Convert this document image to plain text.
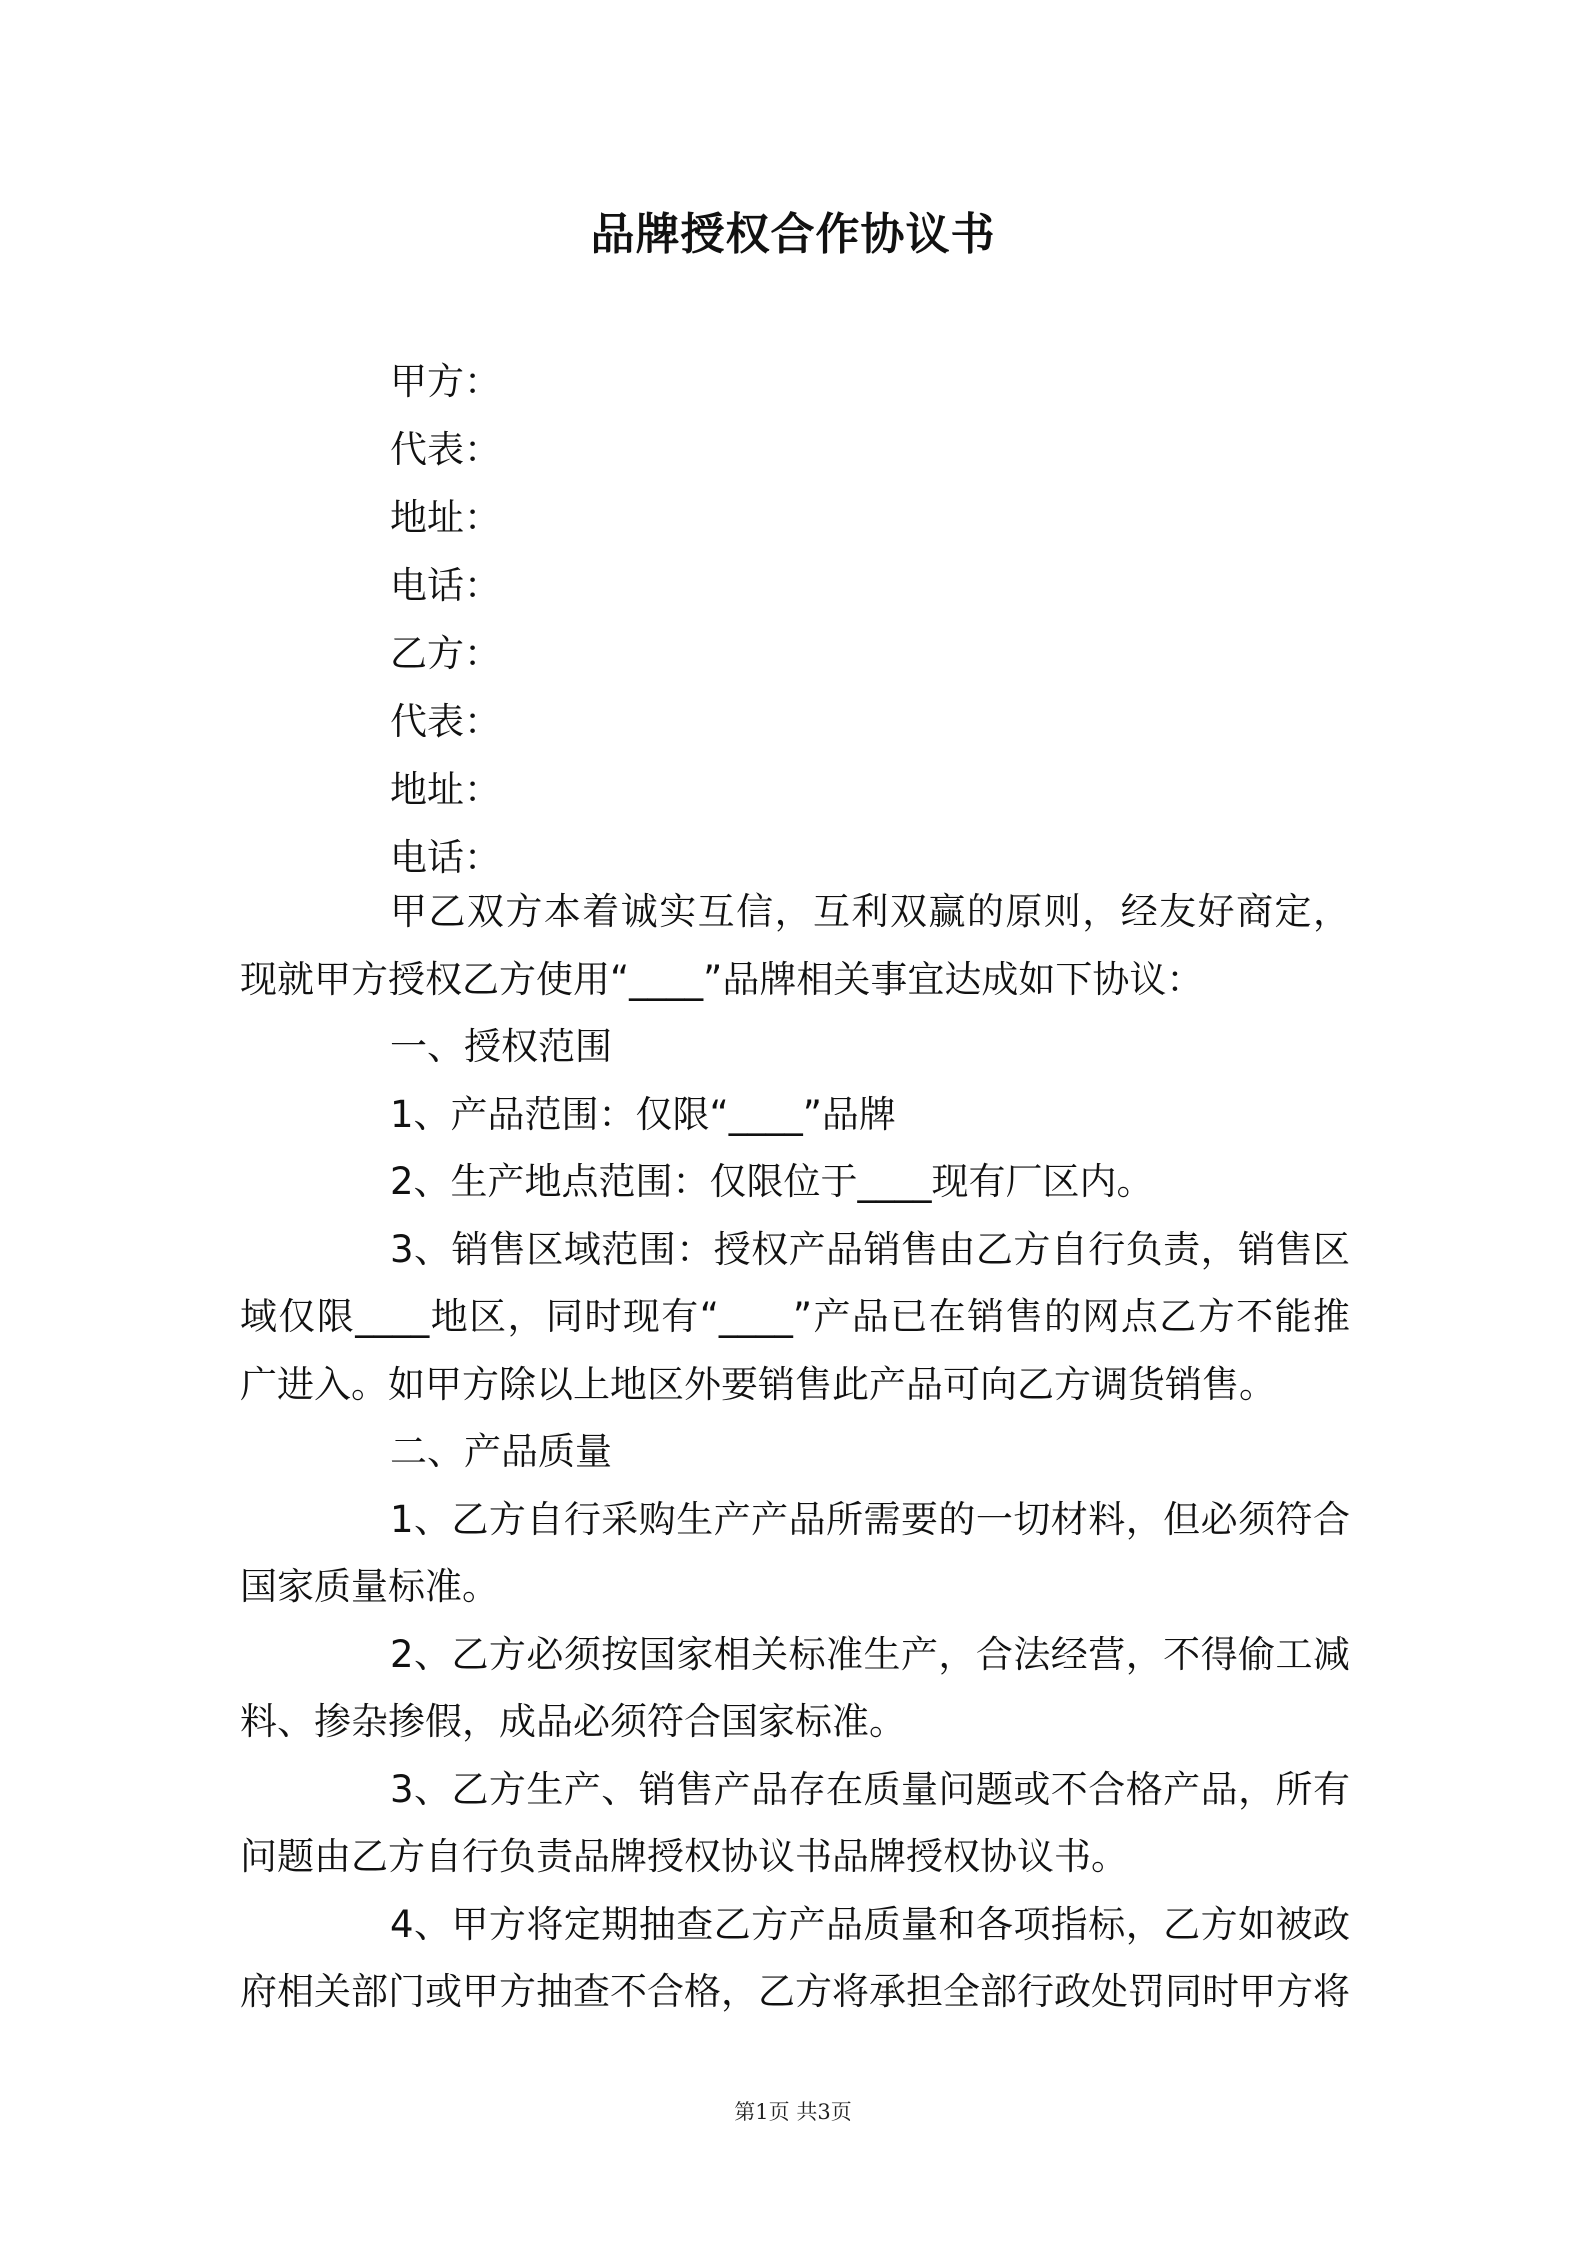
品牌授权合作协议书
甲方：
代表：
地址：
电话：
乙方：
代表：
地址：
电话：

甲乙双方本着诚实互信，互利双赢的原则，经友好商定，现就甲方授权乙方使用“____”品牌相关事宜达成如下协议：

一、授权范围

1、产品范围：仅限“____”品牌

2、生产地点范围：仅限位于____现有厂区内。

3、销售区域范围：授权产品销售由乙方自行负责，销售区域仅限____地区，同时现有“____”产品已在销售的网点乙方不能推广进入。如甲方除以上地区外要销售此产品可向乙方调货销售。

二、产品质量

1、乙方自行采购生产产品所需要的一切材料，但必须符合国家质量标准。

2、乙方必须按国家相关标准生产，合法经营，不得偷工减料、掺杂掺假，成品必须符合国家标准。

3、乙方生产、销售产品存在质量问题或不合格产品，所有问题由乙方自行负责品牌授权协议书品牌授权协议书。

4、甲方将定期抽查乙方产品质量和各项指标，乙方如被政府相关部门或甲方抽查不合格，乙方将承担全部行政处罚同时甲方将

第1页 共3页
